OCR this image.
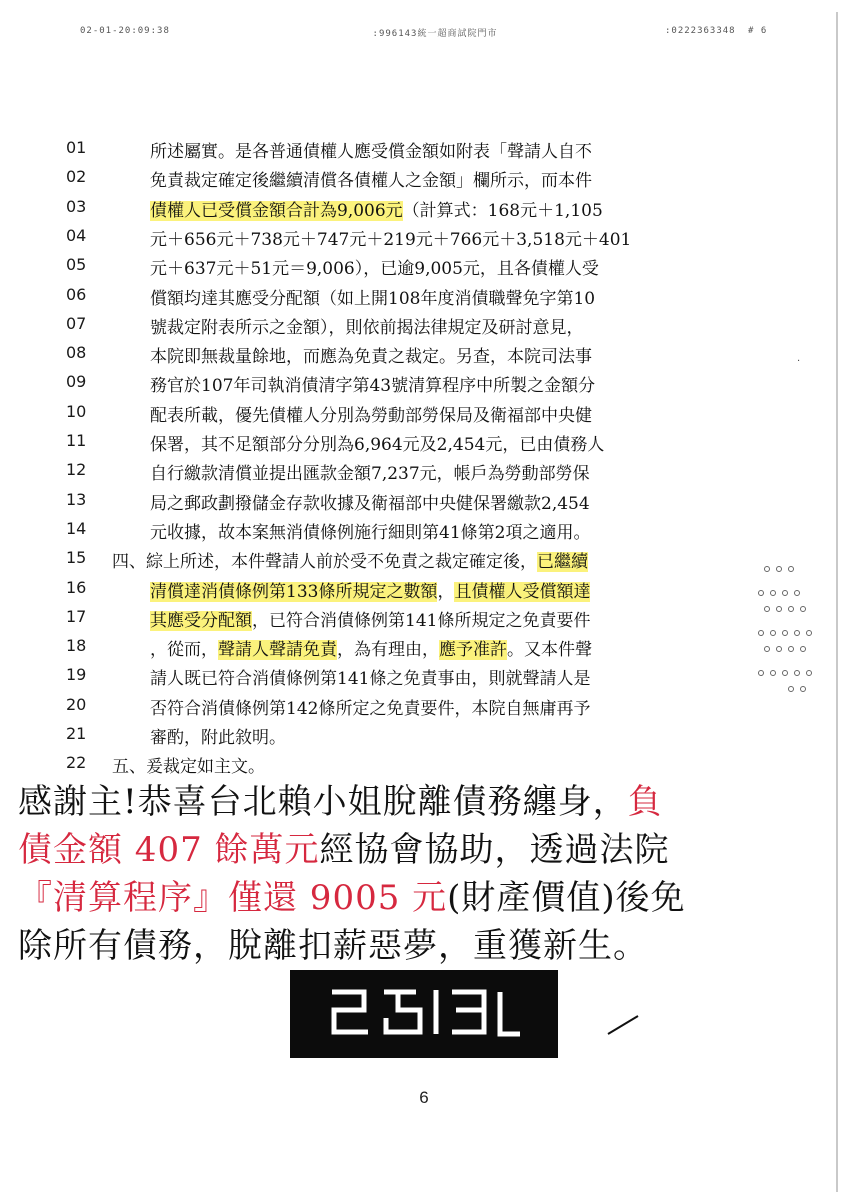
02-01-20:09:38	:996143統一超商試院門市	:0222363348 # 6
·
01	所述屬實。是各普通債權人應受償金額如附表「聲請人自不
02	免責裁定確定後繼續清償各債權人之金額」欄所示，而本件
03	債權人已受償金額合計為9,006元（計算式：168元＋1,105
04	元＋656元＋738元＋747元＋219元＋766元＋3,518元＋401
05	元＋637元＋51元＝9,006），已逾9,005元，且各債權人受
06	償額均達其應受分配額（如上開108年度消債職聲免字第10
07	號裁定附表所示之金額），則依前揭法律規定及研討意見，
08	本院即無裁量餘地，而應為免責之裁定。另查，本院司法事
09	務官於107年司執消債清字第43號清算程序中所製之金額分
10	配表所載，優先債權人分別為勞動部勞保局及衛福部中央健
11	保署，其不足額部分分別為6,964元及2,454元，已由債務人
12	自行繳款清償並提出匯款金額7,237元，帳戶為勞動部勞保
13	局之郵政劃撥儲金存款收據及衛福部中央健保署繳款2,454
14	元收據，故本案無消債條例施行細則第41條第2項之適用。
15 四、綜上所述，本件聲請人前於受不免責之裁定確定後，已繼續
16	清償達消債條例第133條所規定之數額，且債權人受償額達
17	其應受分配額，已符合消債條例第141條所規定之免責要件
18	，從而，聲請人聲請免責，為有理由，應予准許。又本件聲
19	請人既已符合消債條例第141條之免責事由，則就聲請人是
20	否符合消債條例第142條所定之免責要件，本院自無庸再予
21	審酌，附此敘明。
22 五、爰裁定如主文。
感謝主!恭喜台北賴小姐脫離債務纏身，負
債金額 407 餘萬元經協會協助，透過法院
『清算程序』僅還 9005 元(財產價值)後免
除所有債務，脫離扣薪惡夢，重獲新生。
6
